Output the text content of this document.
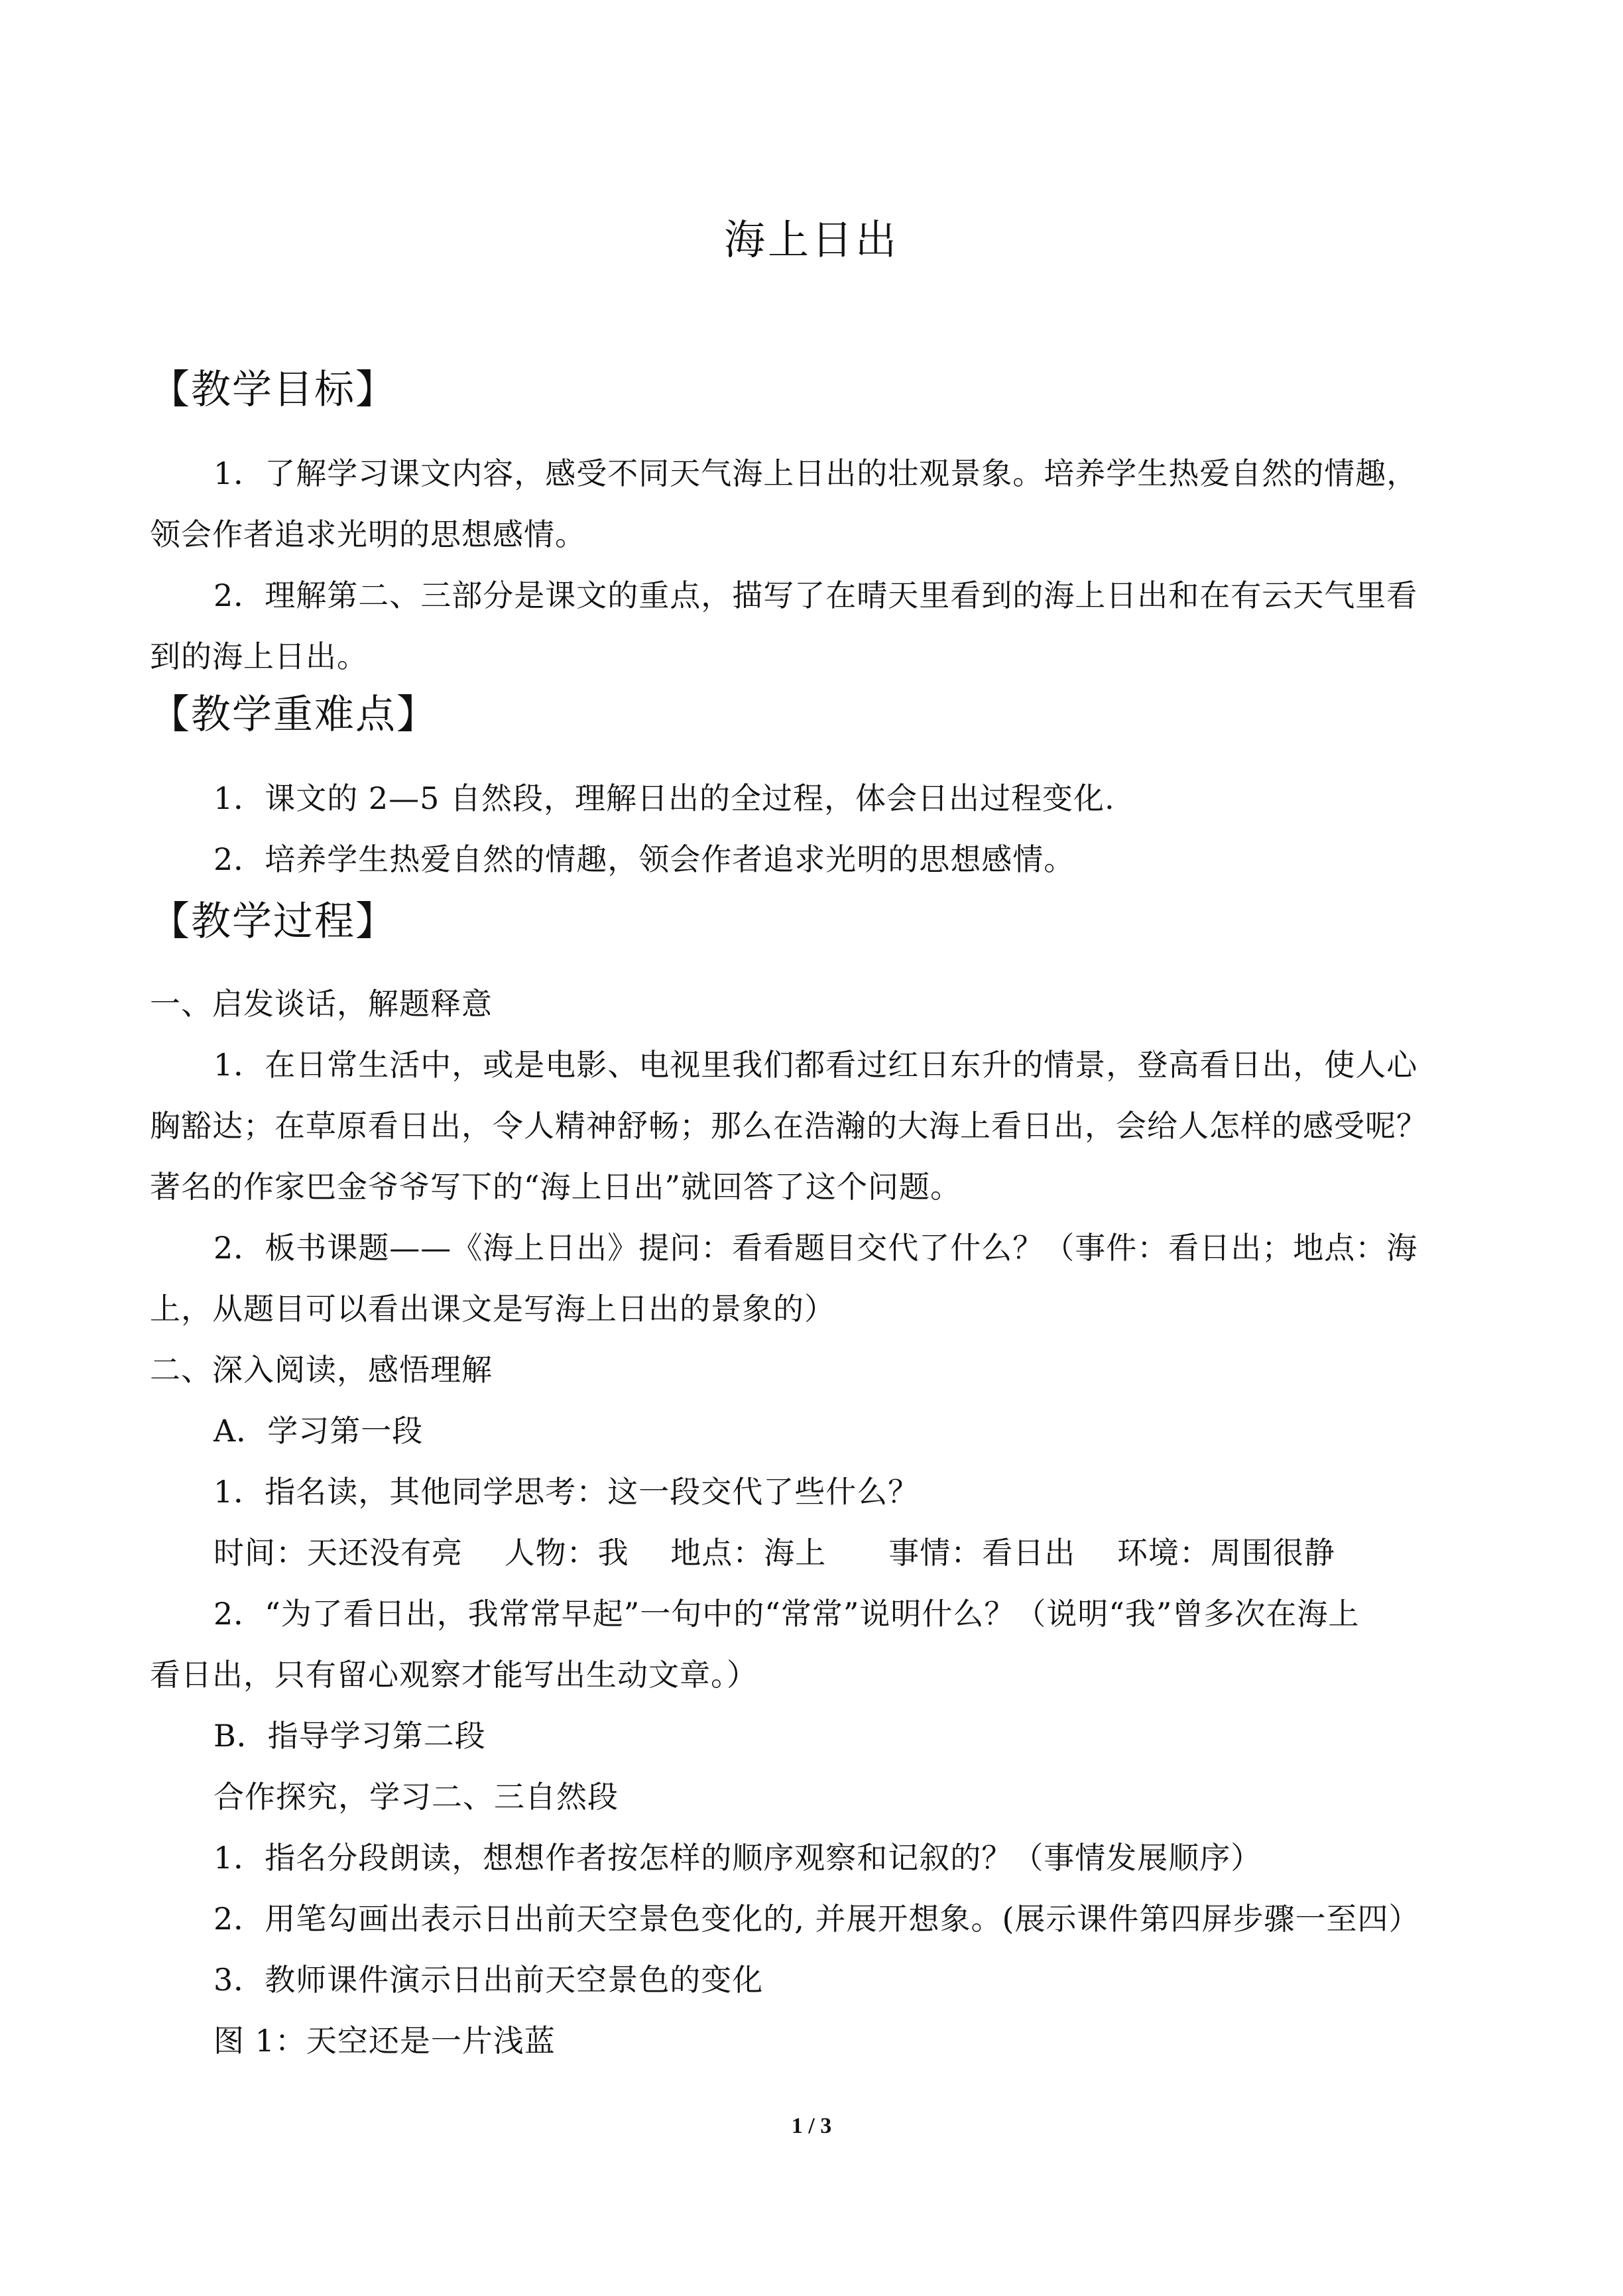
海上日出
【教学目标】
1．了解学习课文内容，感受不同天气海上日出的壮观景象。培养学生热爱自然的情趣，
领会作者追求光明的思想感情。
2．理解第二、三部分是课文的重点，描写了在晴天里看到的海上日出和在有云天气里看
到的海上日出。
【教学重难点】
1．课文的 2—5 自然段，理解日出的全过程，体会日出过程变化.
2．培养学生热爱自然的情趣，领会作者追求光明的思想感情。
【教学过程】
一、启发谈话，解题释意
1．在日常生活中，或是电影、电视里我们都看过红日东升的情景，登高看日出，使人心
胸豁达；在草原看日出，令人精神舒畅；那么在浩瀚的大海上看日出，会给人怎样的感受呢？
著名的作家巴金爷爷写下的“海上日出”就回答了这个问题。
2．板书课题——《海上日出》提问：看看题目交代了什么？（事件：看日出；地点：海
上，从题目可以看出课文是写海上日出的景象的）
二、深入阅读，感悟理解
A．学习第一段
1．指名读，其他同学思考：这一段交代了些什么？
时间：天还没有亮　 人物：我　 地点：海上　　事情：看日出　 环境：周围很静
2．“为了看日出，我常常早起”一句中的“常常”说明什么？（说明“我”曾多次在海上
看日出，只有留心观察才能写出生动文章。）
B．指导学习第二段
合作探究，学习二、三自然段
1．指名分段朗读，想想作者按怎样的顺序观察和记叙的？（事情发展顺序）
2．用笔勾画出表示日出前天空景色变化的, 并展开想象。(展示课件第四屏步骤一至四）
3．教师课件演示日出前天空景色的变化
图 1：天空还是一片浅蓝
1 / 3
